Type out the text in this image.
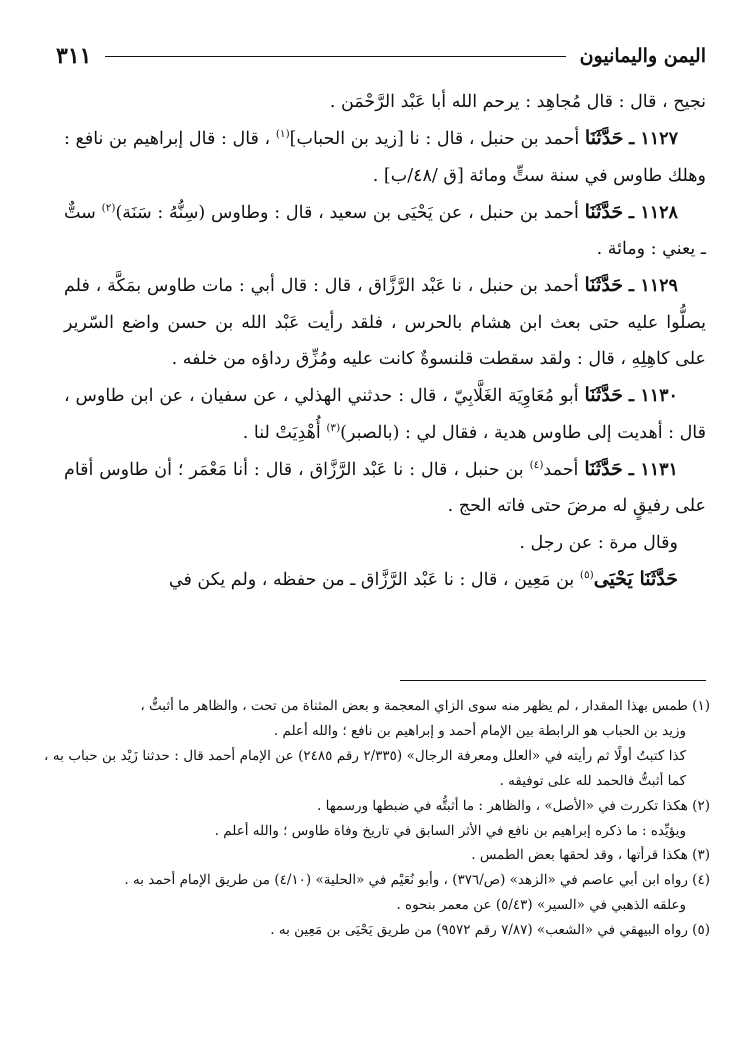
اليمن واليمانيون
٣١١

نجيح ، قال : قال مُجاهِد : يرحم الله أبا عَبْد الرَّحْمَن .

١١٢٧ ـ حَدَّثَنَا أحمد بن حنبل ، قال : نا [زيد بن الحباب]$^{(١)}$ ، قال : قال إبراهيم بن نافع : وهلك طاوس في سنة ستٍّ ومائة [ق /٤٨/ب] .

١١٢٨ ـ حَدَّثَنَا أحمد بن حنبل ، عن يَحْيَى بن سعيد ، قال : وطاوس (سِنُّهُ : سَنَة)$^{(٢)}$ ستٌّ ـ يعني : ومائة .

١١٢٩ ـ حَدَّثَنَا أحمد بن حنبل ، نا عَبْد الرَّزَّاق ، قال : قال أبي : مات طاوس بمَكَّة ، فلم يصلُّوا عليه حتى بعث ابن هشام بالحرس ، فلقد رأيت عَبْد الله بن حسن واضع السّرير على كاهِلِهِ ، قال : ولقد سقطت قلنسوةٌ كانت عليه ومُزِّق رداؤه من خلفه .

١١٣٠ ـ حَدَّثَنَا أبو مُعَاوِيَة الغَلَّابِيّ ، قال : حدثني الهذلي ، عن سفيان ، عن ابن طاوس ، قال : أهديت إلى طاوس هدية ، فقال لي : (بالصبر)$^{(٣)}$ أُهْدِيَتْ لنا .

١١٣١ ـ حَدَّثَنَا أحمد$^{(٤)}$ بن حنبل ، قال : نا عَبْد الرَّزَّاق ، قال : أنا مَعْمَر ؛ أن طاوس أقام على رفيقٍ له مرضَ حتى فاته الحج .

وقال مرة : عن رجل .

حَدَّثَنَا يَحْيَى$^{(٥)}$ بن مَعِين ، قال : نا عَبْد الرَّزَّاق ـ من حفظه ، ولم يكن في

(١) طمس بهذا المقدار ، لم يظهر منه سوى الزاي المعجمة و بعض المثناة من تحت ، والظاهر ما أثبتُّ ،

وزيد بن الحباب هو الرابطة بين الإمام أحمد و إبراهيم بن نافع ؛ والله أعلم .

كذا كتبتُ أولًا ثم رأيته في «العلل ومعرفة الرجال» (٢/٣٣٥ رقم ٢٤٨٥) عن الإمام أحمد قال : حدثنا زَيْد بن حباب به ، كما أثبتُّ فالحمد لله على توفيقه .

(٢) هكذا تكررت في «الأصل» ، والظاهر : ما أثبتُّه في ضبطها ورسمها .

ويؤيِّده : ما ذكره إبراهيم بن نافع في الأثر السابق في تاريخ وفاة طاوس ؛ والله أعلم .

(٣) هكذا قرأتها ، وقد لحقها بعض الطمس .

(٤) رواه ابن أبي عاصم في «الزهد» (ص/٣٧٦) ، وأبو نُعَيْم في «الحلية» (٤/١٠) من طريق الإمام أحمد به .

وعلقه الذهبي في «السير» (٥/٤٣) عن معمر بنحوه .

(٥) رواه البيهقي في «الشعب» (٧/٨٧ رقم ٩٥٧٢) من طريق يَحْيَى بن مَعِين به .
